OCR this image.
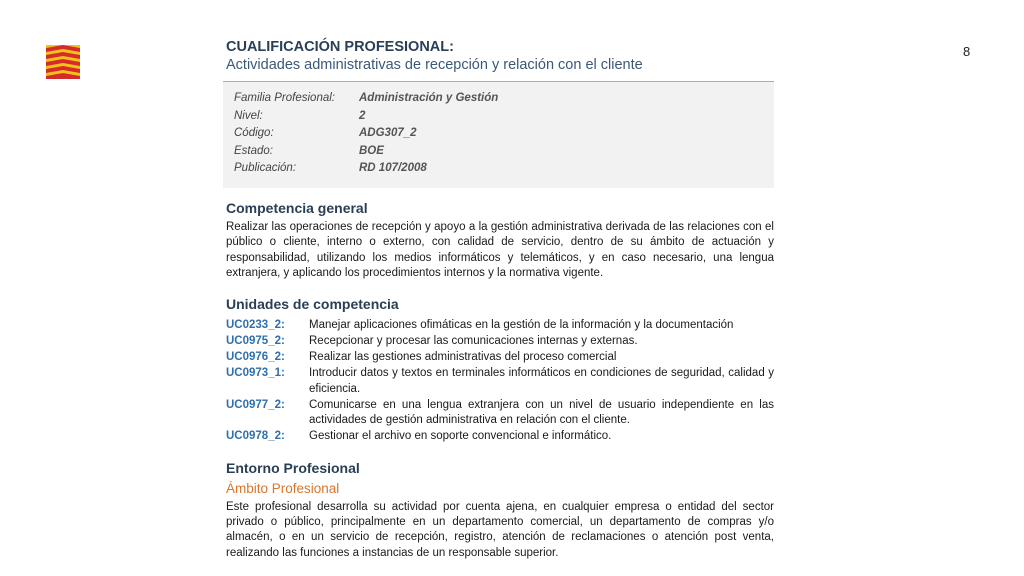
8

CUALIFICACIÓN PROFESIONAL:

Actividades administrativas de recepción y relación con el cliente

Familia Profesional:	Administración y Gestión
Nivel:	2
Código:	ADG307_2
Estado:	BOE
Publicación:	RD 107/2008
Competencia general

Realizar las operaciones de recepción y apoyo a la gestión administrativa derivada de las relaciones con el público o cliente, interno o externo, con calidad de servicio, dentro de su ámbito de actuación y responsabilidad, utilizando los medios informáticos y telemáticos, y en caso necesario, una lengua extranjera, y aplicando los procedimientos internos y la normativa vigente.

Unidades de competencia
UC0233_2:	Manejar aplicaciones ofimáticas en la gestión de la información y la documentación
UC0975_2:	Recepcionar y procesar las comunicaciones internas y externas.
UC0976_2:	Realizar las gestiones administrativas del proceso comercial
UC0973_1:	Introducir datos y textos en terminales informáticos en condiciones de seguridad, calidad y eficiencia.
UC0977_2:	Comunicarse en una lengua extranjera con un nivel de usuario independiente en las actividades de gestión administrativa en relación con el cliente.
UC0978_2:	Gestionar el archivo en soporte convencional e informático.
Entorno Profesional

Ámbito Profesional

Este profesional desarrolla su actividad por cuenta ajena, en cualquier empresa o entidad del sector privado o público, principalmente en un departamento comercial, un departamento de compras y/o almacén, o en un servicio de recepción, registro, atención de reclamaciones o atención post venta, realizando las funciones a instancias de un responsable superior.
